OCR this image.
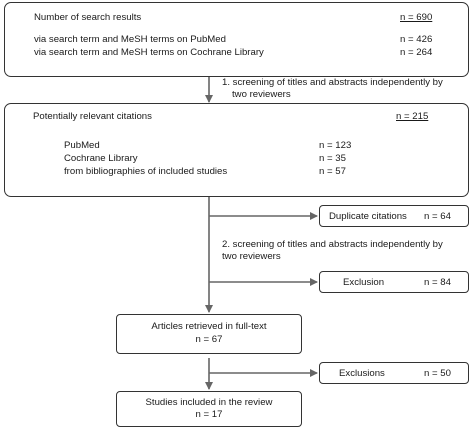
Number of search results	n = 690
via search term and MeSH terms on PubMed	n = 426
via search term and MeSH terms on Cochrane Library	n = 264
1. screening of titles and abstracts independently by
two reviewers
Potentially relevant citations	n = 215
PubMed	n = 123
Cochrane Library	n = 35
from bibliographies of included studies	n = 57
Duplicate citations n = 64
2. screening of titles and abstracts independently by
two reviewers
Exclusion	n = 84
Articles retrieved in full-text
n = 67
Exclusions	n = 50
Studies included in the review
n = 17
